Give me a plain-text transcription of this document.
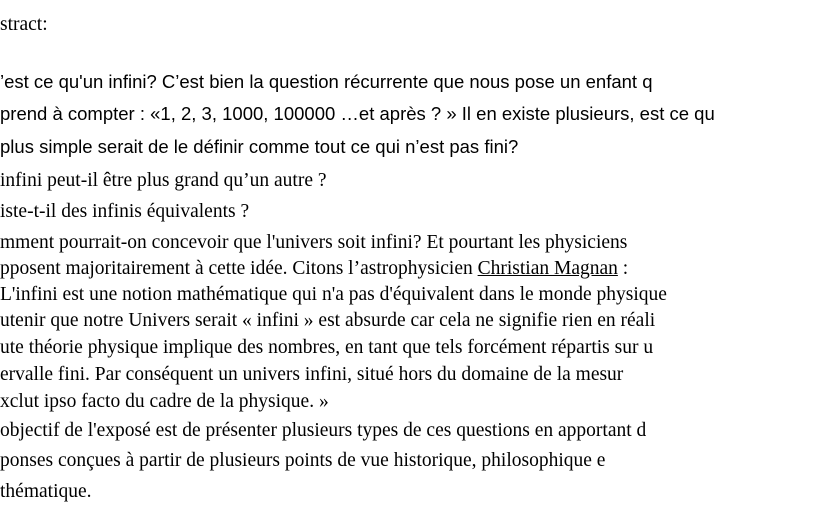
stract:
’est ce qu'un infini? C’est bien la question récurrente que nous pose un enfant q
prend à compter : «1, 2, 3, 1000, 100000 …et après ? » Il en existe plusieurs, est ce qu
plus simple serait de le définir comme tout ce qui n’est pas fini?
infini peut-il être plus grand qu’un autre ?
iste-t-il des infinis équivalents ?
mment pourrait-on concevoir que l'univers soit infini? Et pourtant les physiciens
pposent majoritairement à cette idée. Citons l’astrophysicien Christian Magnan :
L'infini est une notion mathématique qui n'a pas d'équivalent dans le monde physique
utenir que notre Univers serait « infini » est absurde car cela ne signifie rien en réali
ute théorie physique implique des nombres, en tant que tels forcément répartis sur u
ervalle fini. Par conséquent un univers infini, situé hors du domaine de la mesur
xclut ipso facto du cadre de la physique. »
objectif de l'exposé est de présenter plusieurs types de ces questions en apportant d
ponses conçues à partir de plusieurs points de vue historique, philosophique e
thématique.
